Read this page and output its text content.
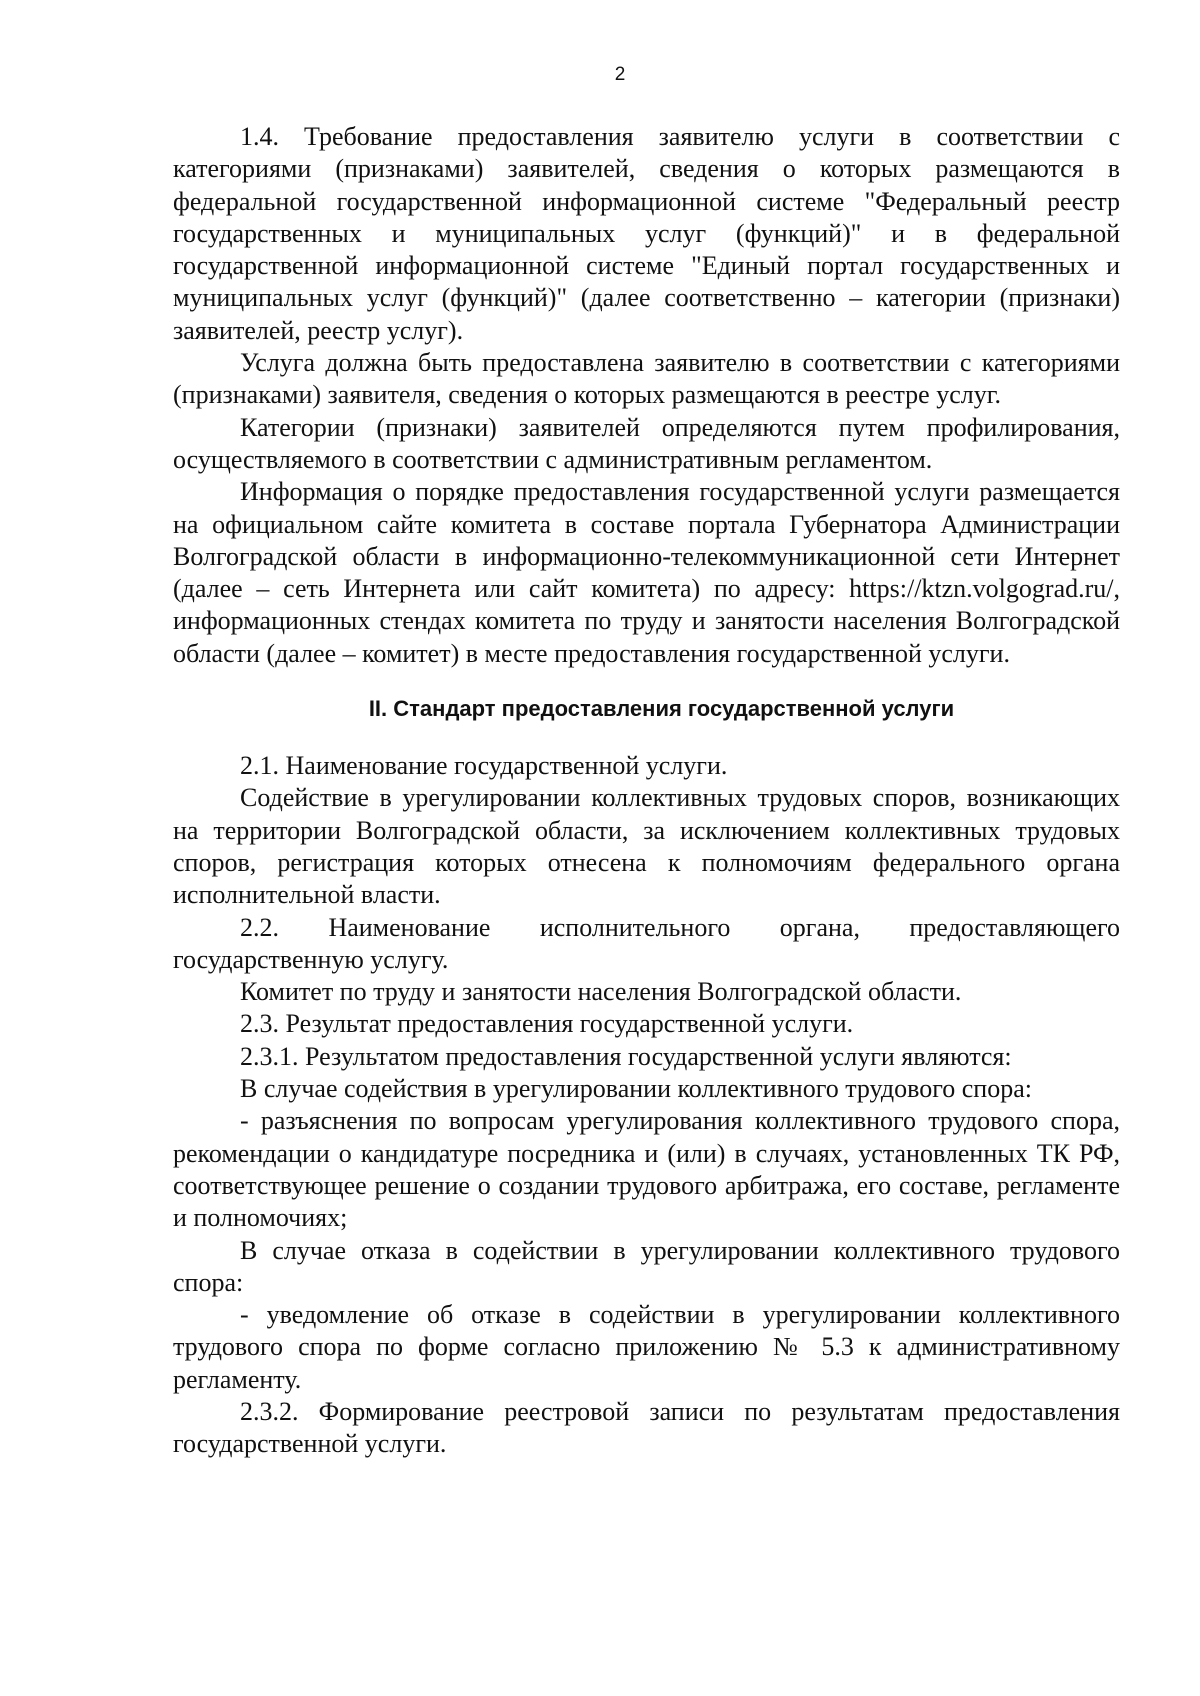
2

1.4. Требование предоставления заявителю услуги в соответствии с категориями (признаками) заявителей, сведения о которых размещаются в федеральной государственной информационной системе "Федеральный реестр государственных и муниципальных услуг (функций)" и в федеральной государственной информационной системе "Единый портал государственных и муниципальных услуг (функций)" (далее соответственно – категории (признаки) заявителей, реестр услуг).

Услуга должна быть предоставлена заявителю в соответствии с категориями (признаками) заявителя, сведения о которых размещаются в реестре услуг.

Категории (признаки) заявителей определяются путем профилирования, осуществляемого в соответствии с административным регламентом.

Информация о порядке предоставления государственной услуги размещается на официальном сайте комитета в составе портала Губернатора Администрации Волгоградской области в информационно-телекоммуникационной сети Интернет (далее – сеть Интернета или сайт комитета) по адресу: https://ktzn.volgograd.ru/, информационных стендах комитета по труду и занятости населения Волгоградской области (далее – комитет) в месте предоставления государственной услуги.

II. Стандарт предоставления государственной услуги

2.1. Наименование государственной услуги.

Содействие в урегулировании коллективных трудовых споров, возникающих на территории Волгоградской области, за исключением коллективных трудовых споров, регистрация которых отнесена к полномочиям федерального органа исполнительной власти.

2.2. Наименование исполнительного органа, предоставляющего государственную услугу.

Комитет по труду и занятости населения Волгоградской области.

2.3. Результат предоставления государственной услуги.

2.3.1. Результатом предоставления государственной услуги являются:

В случае содействия в урегулировании коллективного трудового спора:

- разъяснения по вопросам урегулирования коллективного трудового спора, рекомендации о кандидатуре посредника и (или) в случаях, установленных ТК РФ, соответствующее решение о создании трудового арбитража, его составе, регламенте и полномочиях;

В случае отказа в содействии в урегулировании коллективного трудового спора:

- уведомление об отказе в содействии в урегулировании коллективного трудового спора по форме согласно приложению № 5.3 к административному регламенту.

2.3.2. Формирование реестровой записи по результатам предоставления государственной услуги.
